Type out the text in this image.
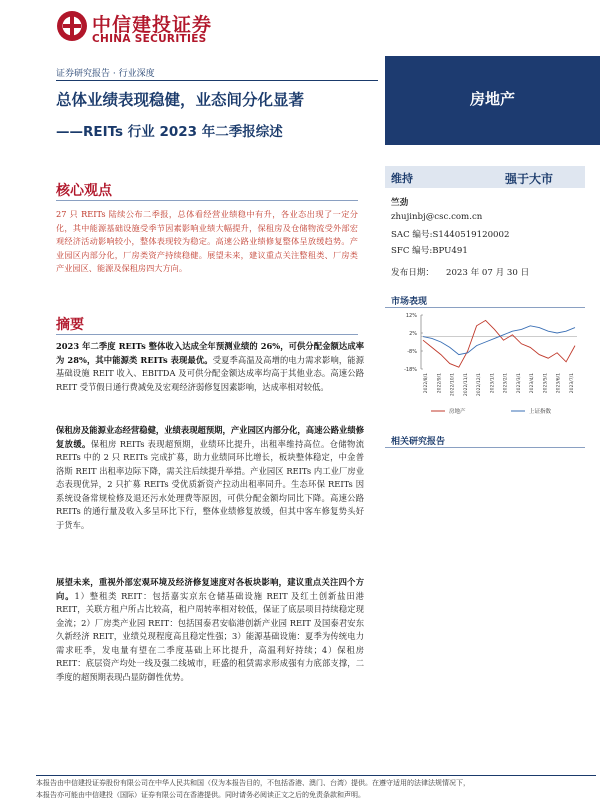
中信建投证券
CHINA SECURITIES
证券研究报告 · 行业深度
总体业绩表现稳健，业态间分化显著
——REITs 行业 2023 年二季报综述
房地产
核心观点
27 只 REITs 陆续公布二季报，总体看经营业绩稳中有升，各业态出现了一定分化，其中能源基础设施受季节因素影响业绩大幅提升，保租房及仓储物流受外部宏观经济活动影响较小，整体表现较为稳定。高速公路业绩修复整体呈放缓趋势。产业园区内部分化，厂房类资产持续稳健。展望未来，建议重点关注整租类、厂房类产业园区、能源及保租房四大方向。
摘要
2023 年二季度 REITs 整体收入达成全年预测业绩的 26%，可供分配金额达成率为 28%，其中能源类 REITs 表现最优。受夏季高温及高增的电力需求影响，能源基础设施 REIT 收入、EBITDA 及可供分配金额达成率均高于其他业态。高速公路 REIT 受节假日通行费减免及宏观经济弱修复因素影响，达成率相对较低。
保租房及能源业态经营稳健，业绩表现超预期，产业园区内部分化，高速公路业绩修复放缓。保租房 REITs 表现超预期，业绩环比提升，出租率维持高位。仓储物流 REITs 中的 2 只 REITs 完成扩募，助力业绩同环比增长，板块整体稳定，中金普洛斯 REIT 出租率边际下降，需关注后续提升举措。产业园区 REITs 内工业厂房业态表现优异，2 只扩募 REITs 受优质新资产拉动出租率同升。生态环保 REITs 因系统设备常规检修及退还污水处理费等原因，可供分配金额均同比下降。高速公路 REITs 的通行量及收入多呈环比下行，整体业绩修复放缓，但其中客车修复势头好于货车。
展望未来，重视外部宏观环境及经济修复速度对各板块影响，建议重点关注四个方向。1）整租类 REIT：包括嘉实京东仓储基础设施 REIT 及红土创新盐田港 REIT，关联方租户所占比较高，租户周转率相对较低，保证了底层项目持续稳定现金流；2）厂房类产业园 REIT：包括国泰君安临港创新产业园 REIT 及国泰君安东久新经济 REIT，业绩兑现程度高且稳定性强；3）能源基础设施：夏季为传统电力需求旺季，发电量有望在二季度基础上环比提升，高温利好持续；4）保租房 REIT：底层资产均处一线及强二线城市，旺盛的租赁需求形成强有力底部支撑，二季度的超预期表现凸显防御性优势。
维持	强于大市
竺劲
zhujinbj@csc.com.cn
SAC 编号:S1440519120002
SFC 编号:BPU491
发布日期： 2023 年 07 月 30 日
市场表现
12%
2%
-8%
-18%
2022/8/1 2022/9/1 2022/10/1 2022/11/1 2022/12/1 2023/1/1 2023/2/1 2023/3/1 2023/4/1 2023/5/1 2023/6/1 2023/7/1
房地产	上证指数
相关研究报告
本报告由中信建投证券股份有限公司在中华人民共和国（仅为本报告目的，不包括香港、澳门、台湾）提供。在遵守适用的法律法规情况下，
本报告亦可能由中信建投（国际）证券有限公司在香港提供。同时请务必阅读正文之后的免责条款和声明。
